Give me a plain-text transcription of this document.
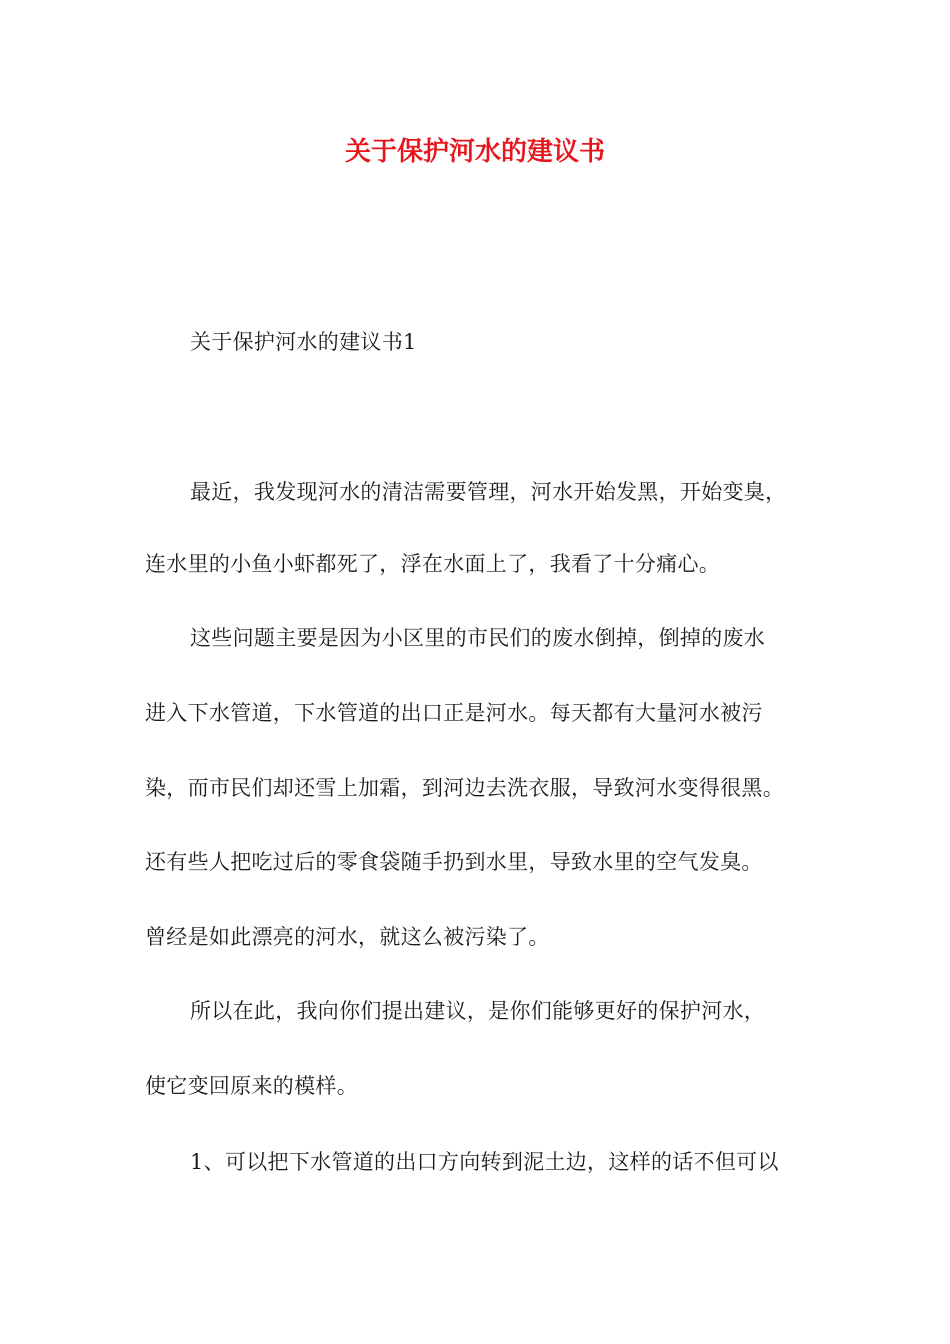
关于保护河水的建议书
关于保护河水的建议书1
最近，我发现河水的清洁需要管理，河水开始发黑，开始变臭，
连水里的小鱼小虾都死了，浮在水面上了，我看了十分痛心。
这些问题主要是因为小区里的市民们的废水倒掉，倒掉的废水
进入下水管道，下水管道的出口正是河水。每天都有大量河水被污
染，而市民们却还雪上加霜，到河边去洗衣服，导致河水变得很黑。
还有些人把吃过后的零食袋随手扔到水里，导致水里的空气发臭。
曾经是如此漂亮的河水，就这么被污染了。
所以在此，我向你们提出建议，是你们能够更好的保护河水，
使它变回原来的模样。
1、可以把下水管道的出口方向转到泥土边，这样的话不但可以
